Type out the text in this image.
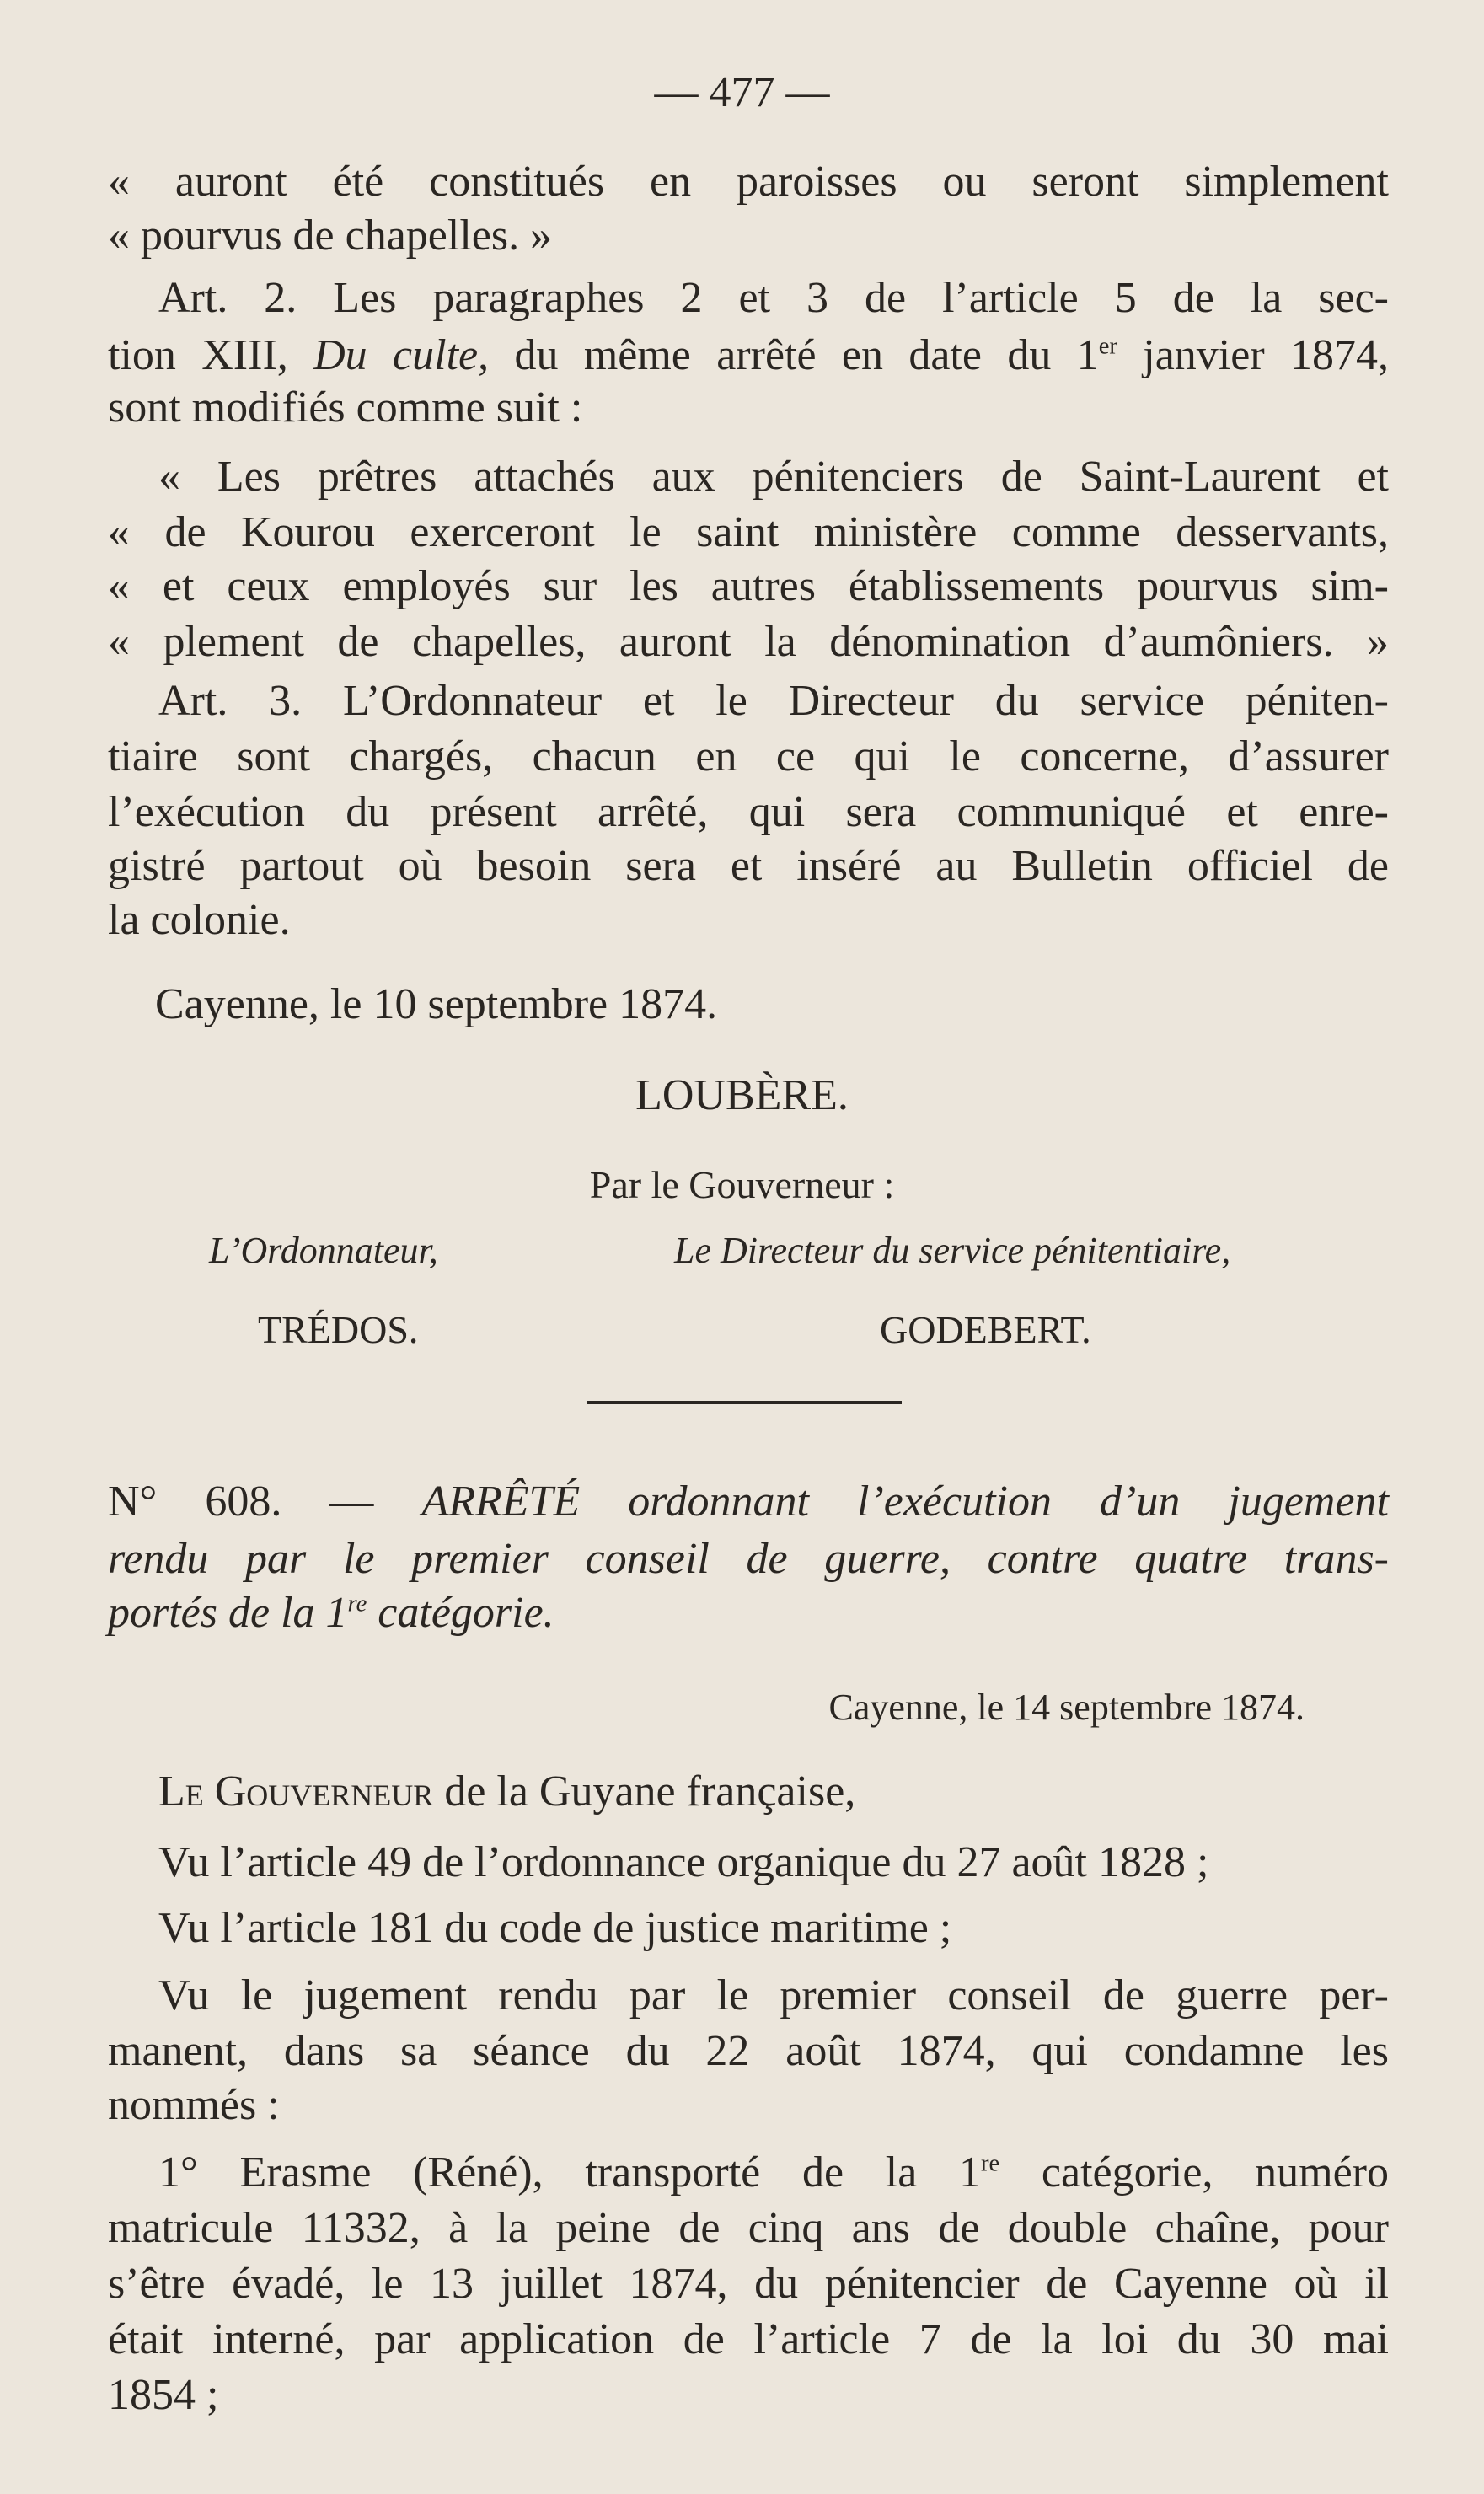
— 477 —
« auront été constitués en paroisses ou seront simplement
« pourvus de chapelles. »
Art. 2. Les paragraphes 2 et 3 de l’article 5 de la sec-
tion XIII, Du culte, du même arrêté en date du 1er janvier 1874,
sont modifiés comme suit :
« Les prêtres attachés aux pénitenciers de Saint-Laurent et
« de Kourou exerceront le saint ministère comme desservants,
« et ceux employés sur les autres établissements pourvus sim-
« plement de chapelles, auront la dénomination d’aumôniers. »
Art. 3. L’Ordonnateur et le Directeur du service péniten-
tiaire sont chargés, chacun en ce qui le concerne, d’assurer
l’exécution du présent arrêté, qui sera communiqué et enre-
gistré partout où besoin sera et inséré au Bulletin officiel de
la colonie.
Cayenne, le 10 septembre 1874.
LOUBÈRE.
Par le Gouverneur :
L’Ordonnateur,	Le Directeur du service pénitentiaire,
TRÉDOS.	GODEBERT.
N° 608. — ARRÊTÉ ordonnant l’exécution d’un jugement
rendu par le premier conseil de guerre, contre quatre trans-
portés de la 1re catégorie.
Cayenne, le 14 septembre 1874.
Le Gouverneur de la Guyane française,
Vu l’article 49 de l’ordonnance organique du 27 août 1828 ;
Vu l’article 181 du code de justice maritime ;
Vu le jugement rendu par le premier conseil de guerre per-
manent, dans sa séance du 22 août 1874, qui condamne les
nommés :
1° Erasme (Réné), transporté de la 1re catégorie, numéro
matricule 11332, à la peine de cinq ans de double chaîne, pour
s’être évadé, le 13 juillet 1874, du pénitencier de Cayenne où il
était interné, par application de l’article 7 de la loi du 30 mai
1854 ;
